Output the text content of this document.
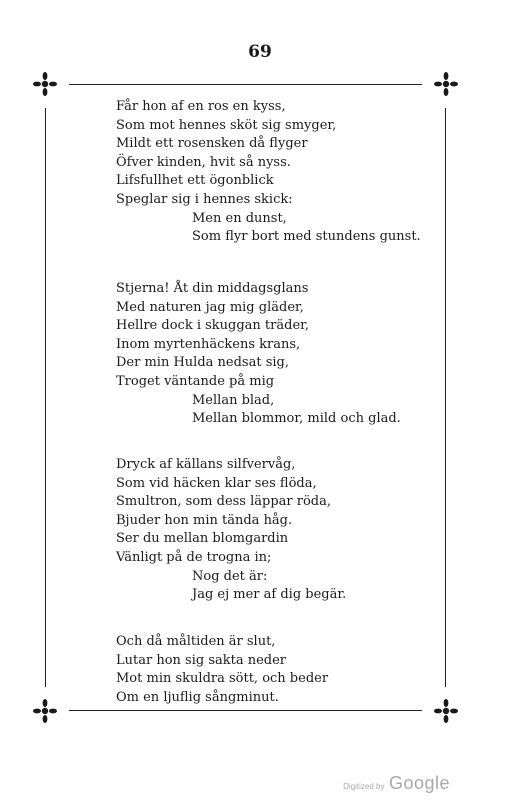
69
Får hon af en ros en kyss,
Som mot hennes sköt sig smyger,
Mildt ett rosensken då flyger
Öfver kinden, hvit så nyss.
Lifsfullhet ett ögonblick
Speglar sig i hennes skick:
Men en dunst,
Som flyr bort med stundens gunst.
Stjerna! Åt din middagsglans
Med naturen jag mig gläder,
Hellre dock i skuggan träder,
Inom myrtenhäckens krans,
Der min Hulda nedsat sig,
Troget väntande på mig
Mellan blad,
Mellan blommor, mild och glad.
Dryck af källans silfvervåg,
Som vid häcken klar ses flöda,
Smultron, som dess läppar röda,
Bjuder hon min tända håg.
Ser du mellan blomgardin
Vänligt på de trogna in;
Nog det är:
Jag ej mer af dig begär.
Och då måltiden är slut,
Lutar hon sig sakta neder
Mot min skuldra sött, och beder
Om en ljuflig sångminut.
Digitized by Google
